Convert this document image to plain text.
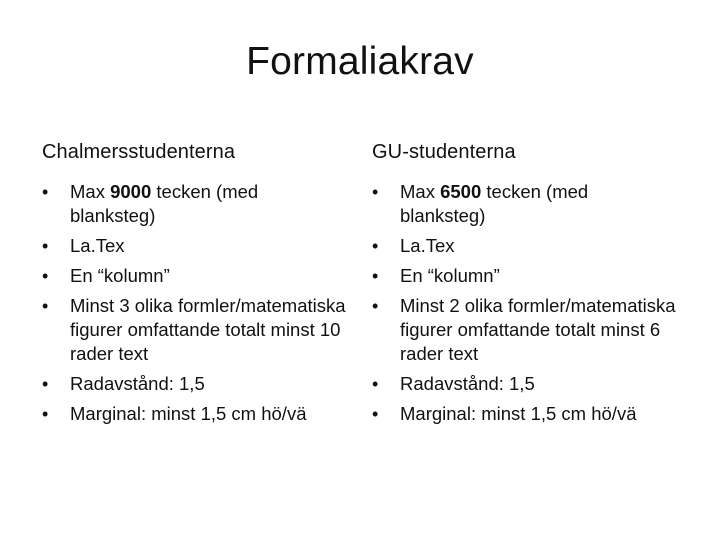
Formaliakrav
Chalmersstudenterna
•	Max 9000 tecken (med blanksteg)
•	La.Tex
•	En “kolumn”
•	Minst 3 olika formler/matematiska figurer omfattande totalt minst 10 rader text
•	Radavstånd: 1,5
•	Marginal: minst 1,5 cm hö/vä
GU-studenterna
•	Max 6500 tecken (med blanksteg)
•	La.Tex
•	En “kolumn”
•	Minst 2 olika formler/matematiska figurer omfattande totalt minst 6 rader text
•	Radavstånd: 1,5
•	Marginal: minst 1,5 cm hö/vä
